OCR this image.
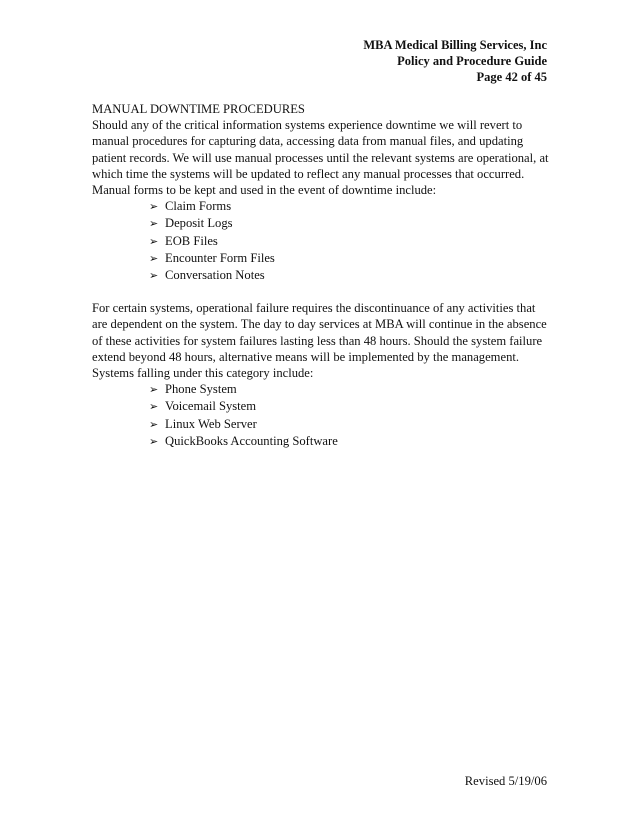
MBA Medical Billing Services, Inc
Policy and Procedure Guide
Page 42 of 45

MANUAL DOWNTIME PROCEDURES

Should any of the critical information systems experience downtime we will revert to manual procedures for capturing data, accessing data from manual files, and updating patient records. We will use manual processes until the relevant systems are operational, at which time the systems will be updated to reflect any manual processes that occurred. Manual forms to be kept and used in the event of downtime include:

➢ Claim Forms
➢ Deposit Logs
➢ EOB Files
➢ Encounter Form Files
➢ Conversation Notes

For certain systems, operational failure requires the discontinuance of any activities that are dependent on the system. The day to day services at MBA will continue in the absence of these activities for system failures lasting less than 48 hours. Should the system failure extend beyond 48 hours, alternative means will be implemented by the management. Systems falling under this category include:

➢ Phone System
➢ Voicemail System
➢ Linux Web Server
➢ QuickBooks Accounting Software
Revised 5/19/06
